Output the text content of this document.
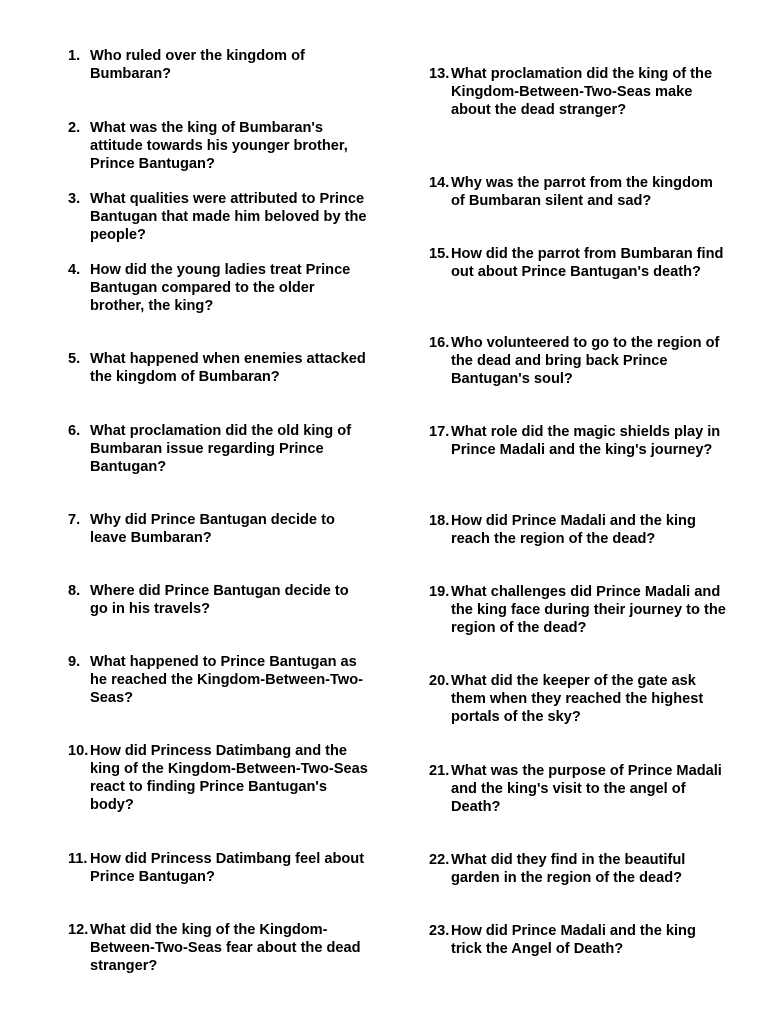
1. Who ruled over the kingdom of Bumbaran?
2. What was the king of Bumbaran's attitude towards his younger brother, Prince Bantugan?
3. What qualities were attributed to Prince Bantugan that made him beloved by the people?
4. How did the young ladies treat Prince Bantugan compared to the older brother, the king?
5. What happened when enemies attacked the kingdom of Bumbaran?
6. What proclamation did the old king of Bumbaran issue regarding Prince Bantugan?
7. Why did Prince Bantugan decide to leave Bumbaran?
8. Where did Prince Bantugan decide to go in his travels?
9. What happened to Prince Bantugan as he reached the Kingdom-Between-Two-Seas?
10. How did Princess Datimbang and the king of the Kingdom-Between-Two-Seas react to finding Prince Bantugan's body?
11. How did Princess Datimbang feel about Prince Bantugan?
12. What did the king of the Kingdom-Between-Two-Seas fear about the dead stranger?
13. What proclamation did the king of the Kingdom-Between-Two-Seas make about the dead stranger?
14. Why was the parrot from the kingdom of Bumbaran silent and sad?
15. How did the parrot from Bumbaran find out about Prince Bantugan's death?
16. Who volunteered to go to the region of the dead and bring back Prince Bantugan's soul?
17. What role did the magic shields play in Prince Madali and the king's journey?
18. How did Prince Madali and the king reach the region of the dead?
19. What challenges did Prince Madali and the king face during their journey to the region of the dead?
20. What did the keeper of the gate ask them when they reached the highest portals of the sky?
21. What was the purpose of Prince Madali and the king's visit to the angel of Death?
22. What did they find in the beautiful garden in the region of the dead?
23. How did Prince Madali and the king trick the Angel of Death?
